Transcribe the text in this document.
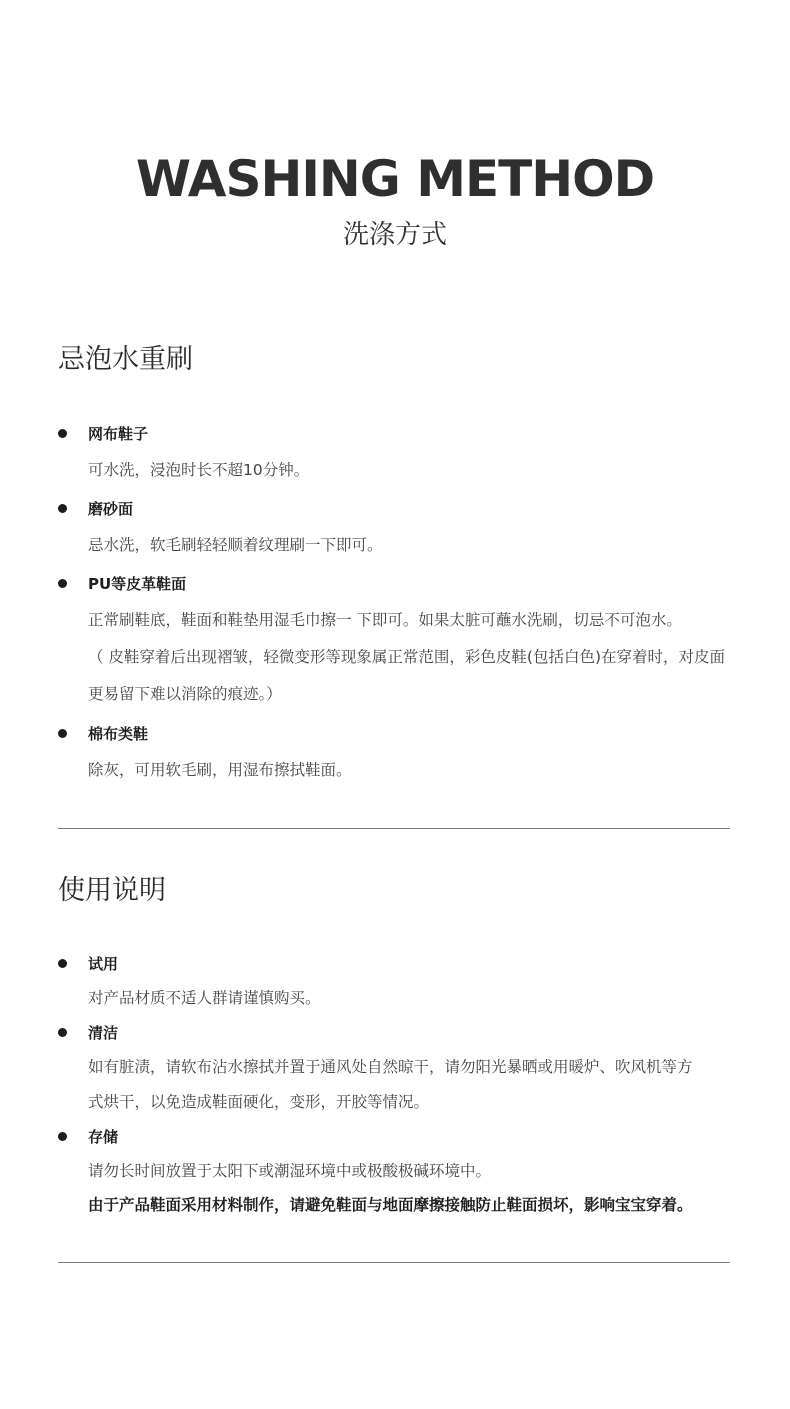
WASHING METHOD
洗涤方式
忌泡水重刷
网布鞋子
可水洗，浸泡时长不超10分钟。
磨砂面
忌水洗，软毛刷轻轻顺着纹理刷一下即可。
PU等皮革鞋面
正常刷鞋底，鞋面和鞋垫用湿毛巾擦一 下即可。如果太脏可蘸水洗刷，切忌不可泡水。
（ 皮鞋穿着后出现褶皱，轻微变形等现象属正常范围，彩色皮鞋(包括白色)在穿着时，对皮面
更易留下难以消除的痕迹。）
棉布类鞋
除灰，可用软毛刷，用湿布擦拭鞋面。
使用说明
试用
对产品材质不适人群请谨慎购买。
清洁
如有脏渍，请软布沾水擦拭并置于通风处自然晾干，请勿阳光暴晒或用暖炉、吹风机等方
式烘干，以免造成鞋面硬化，变形，开胶等情况。
存储
请勿长时间放置于太阳下或潮湿环境中或极酸极碱环境中。
由于产品鞋面采用材料制作，请避免鞋面与地面摩擦接触防止鞋面损坏，影响宝宝穿着。
